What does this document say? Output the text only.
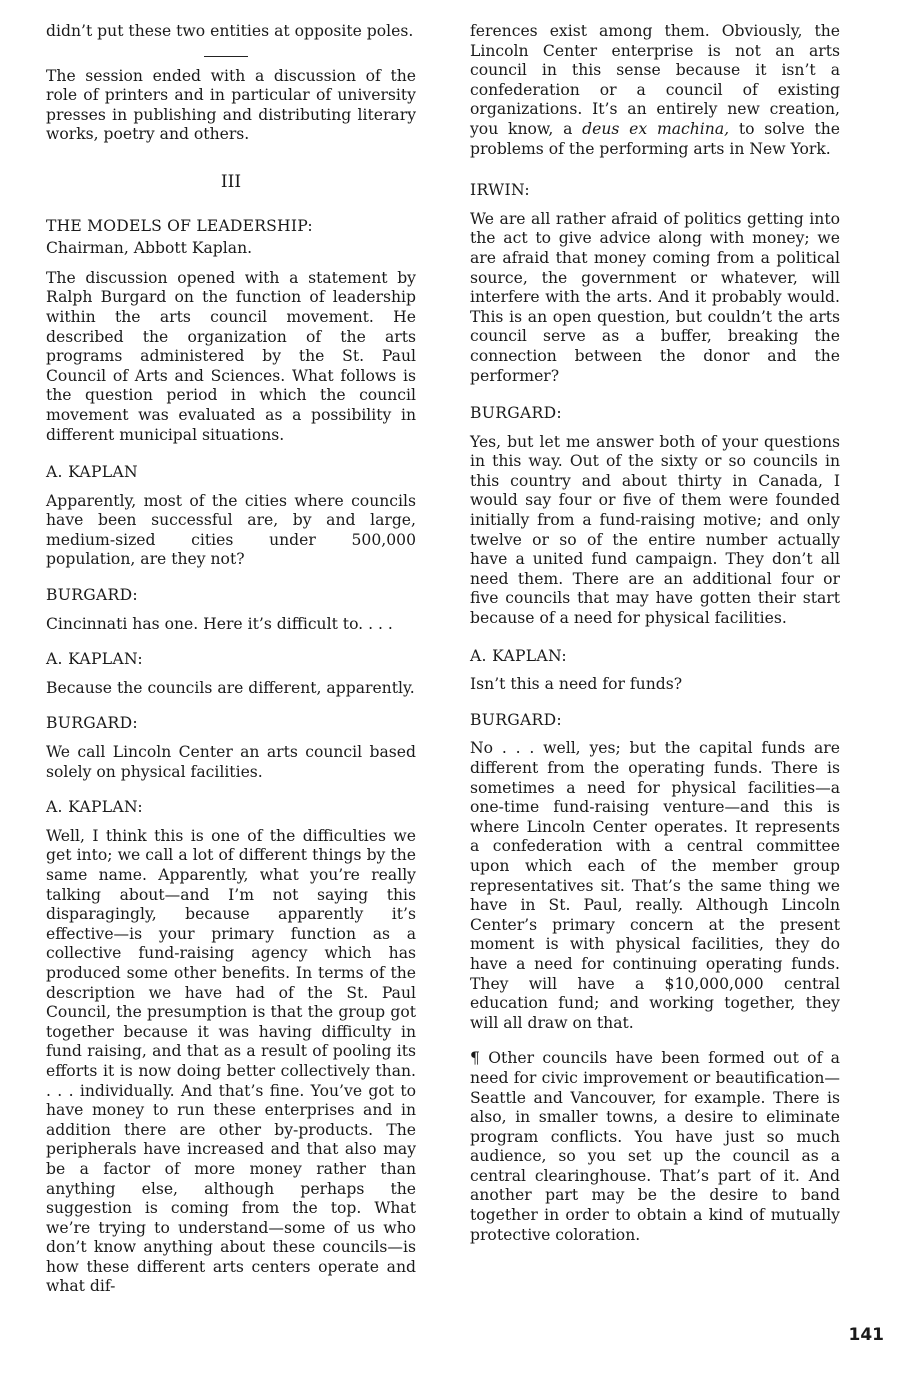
didn’t put these two entities at opposite poles.

The session ended with a discussion of the role of printers and in particular of university presses in publishing and distributing literary works, poetry and others.

III

THE MODELS OF LEADERSHIP:

Chairman, Abbott Kaplan.

The discussion opened with a statement by Ralph Burgard on the function of leadership within the arts council movement. He described the organization of the arts programs administered by the St. Paul Council of Arts and Sciences. What follows is the question period in which the council movement was evaluated as a possibility in different municipal situations.

A. KAPLAN

Apparently, most of the cities where councils have been successful are, by and large, medium-sized cities under 500,000 population, are they not?

BURGARD:

Cincinnati has one. Here it’s difficult to. . . .

A. KAPLAN:

Because the councils are different, apparently.

BURGARD:

We call Lincoln Center an arts council based solely on physical facilities.

A. KAPLAN:

Well, I think this is one of the difficulties we get into; we call a lot of different things by the same name. Apparently, what you’re really talking about—and I’m not saying this disparagingly, because apparently it’s effective—is your primary function as a collective fund-raising agency which has produced some other benefits. In terms of the description we have had of the St. Paul Council, the presumption is that the group got together because it was having difficulty in fund raising, and that as a result of pooling its efforts it is now doing better collectively than. . . . individually. And that’s fine. You’ve got to have money to run these enterprises and in addition there are other by-products. The peripherals have increased and that also may be a factor of more money rather than anything else, although perhaps the suggestion is coming from the top. What we’re trying to understand—some of us who don’t know anything about these councils—is how these different arts centers operate and what dif-

ferences exist among them. Obviously, the Lincoln Center enterprise is not an arts council in this sense because it isn’t a confederation or a council of existing organizations. It’s an entirely new creation, you know, a deus ex machina, to solve the problems of the performing arts in New York.

IRWIN:

We are all rather afraid of politics getting into the act to give advice along with money; we are afraid that money coming from a political source, the government or whatever, will interfere with the arts. And it probably would. This is an open question, but couldn’t the arts council serve as a buffer, breaking the connection between the donor and the performer?

BURGARD:

Yes, but let me answer both of your questions in this way. Out of the sixty or so councils in this country and about thirty in Canada, I would say four or five of them were founded initially from a fund-raising motive; and only twelve or so of the entire number actually have a united fund campaign. They don’t all need them. There are an additional four or five councils that may have gotten their start because of a need for physical facilities.

A. KAPLAN:

Isn’t this a need for funds?

BURGARD:

No . . . well, yes; but the capital funds are different from the operating funds. There is sometimes a need for physical facilities—a one-time fund-raising venture—and this is where Lincoln Center operates. It represents a confederation with a central committee upon which each of the member group representatives sit. That’s the same thing we have in St. Paul, really. Although Lincoln Center’s primary concern at the present moment is with physical facilities, they do have a need for continuing operating funds. They will have a $10,000,000 central education fund; and working together, they will all draw on that.

¶ Other councils have been formed out of a need for civic improvement or beautification—Seattle and Vancouver, for example. There is also, in smaller towns, a desire to eliminate program conflicts. You have just so much audience, so you set up the council as a central clearinghouse. That’s part of it. And another part may be the desire to band together in order to obtain a kind of mutually protective coloration.

141
